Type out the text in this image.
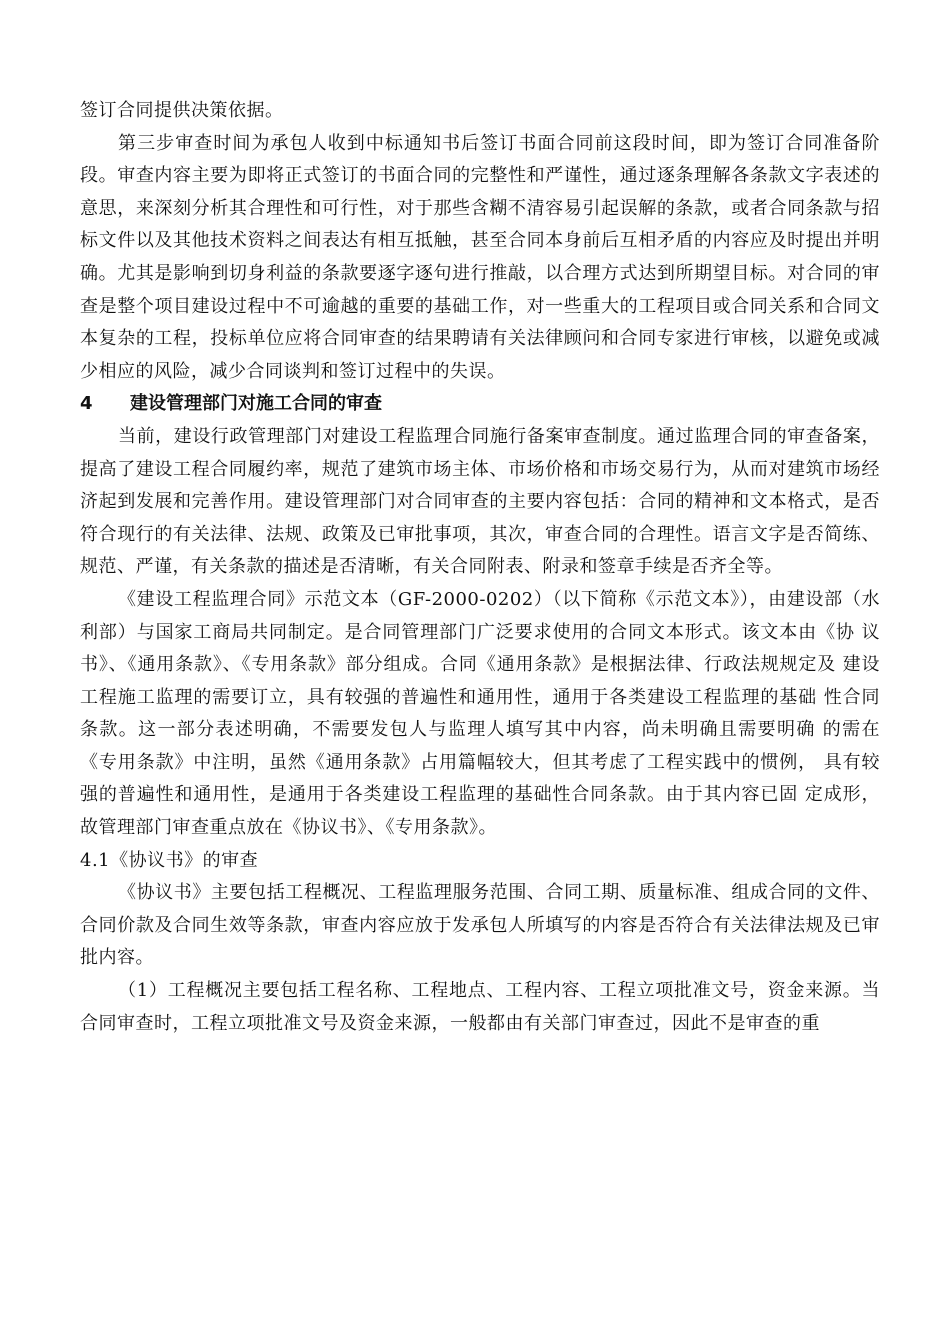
签订合同提供决策依据。

第三步审查时间为承包人收到中标通知书后签订书面合同前这段时间，即为签订合同准备阶段。审查内容主要为即将正式签订的书面合同的完整性和严谨性，通过逐条理解各条款文字表述的意思，来深刻分析其合理性和可行性，对于那些含糊不清容易引起误解的条款，或者合同条款与招标文件以及其他技术资料之间表达有相互抵触，甚至合同本身前后互相矛盾的内容应及时提出并明确。尤其是影响到切身利益的条款要逐字逐句进行推敲，以合理方式达到所期望目标。对合同的审查是整个项目建设过程中不可逾越的重要的基础工作，对一些重大的工程项目或合同关系和合同文本复杂的工程，投标单位应将合同审查的结果聘请有关法律顾问和合同专家进行审核，以避免或减少相应的风险，减少合同谈判和签订过程中的失误。

4 建设管理部门对施工合同的审查

当前，建设行政管理部门对建设工程监理合同施行备案审查制度。通过监理合同的审查备案，提高了建设工程合同履约率，规范了建筑市场主体、市场价格和市场交易行为，从而对建筑市场经济起到发展和完善作用。建设管理部门对合同审查的主要内容包括：合同的精神和文本格式，是否符合现行的有关法律、法规、政策及已审批事项，其次，审查合同的合理性。语言文字是否简练、规范、严谨，有关条款的描述是否清晰，有关合同附表、附录和签章手续是否齐全等。

《建设工程监理合同》示范文本（GF-2000-0202）（以下简称《示范文本》），由建设部（水 利部）与国家工商局共同制定。是合同管理部门广泛要求使用的合同文本形式。该文本由《协 议书》、《通用条款》、《专用条款》部分组成。合同《通用条款》是根据法律、行政法规规定及 建设工程施工监理的需要订立，具有较强的普遍性和通用性，通用于各类建设工程监理的基础 性合同条款。这一部分表述明确，不需要发包人与监理人填写其中内容，尚未明确且需要明确 的需在《专用条款》中注明，虽然《通用条款》占用篇幅较大，但其考虑了工程实践中的惯例， 具有较强的普遍性和通用性，是通用于各类建设工程监理的基础性合同条款。由于其内容已固 定成形，故管理部门审查重点放在《协议书》、《专用条款》。

4.1《协议书》的审查

《协议书》主要包括工程概况、工程监理服务范围、合同工期、质量标准、组成合同的文件、合同价款及合同生效等条款，审查内容应放于发承包人所填写的内容是否符合有关法律法规及已审批内容。

（1）工程概况主要包括工程名称、工程地点、工程内容、工程立项批准文号，资金来源。当合同审查时，工程立项批准文号及资金来源，一般都由有关部门审查过，因此不是审查的重
